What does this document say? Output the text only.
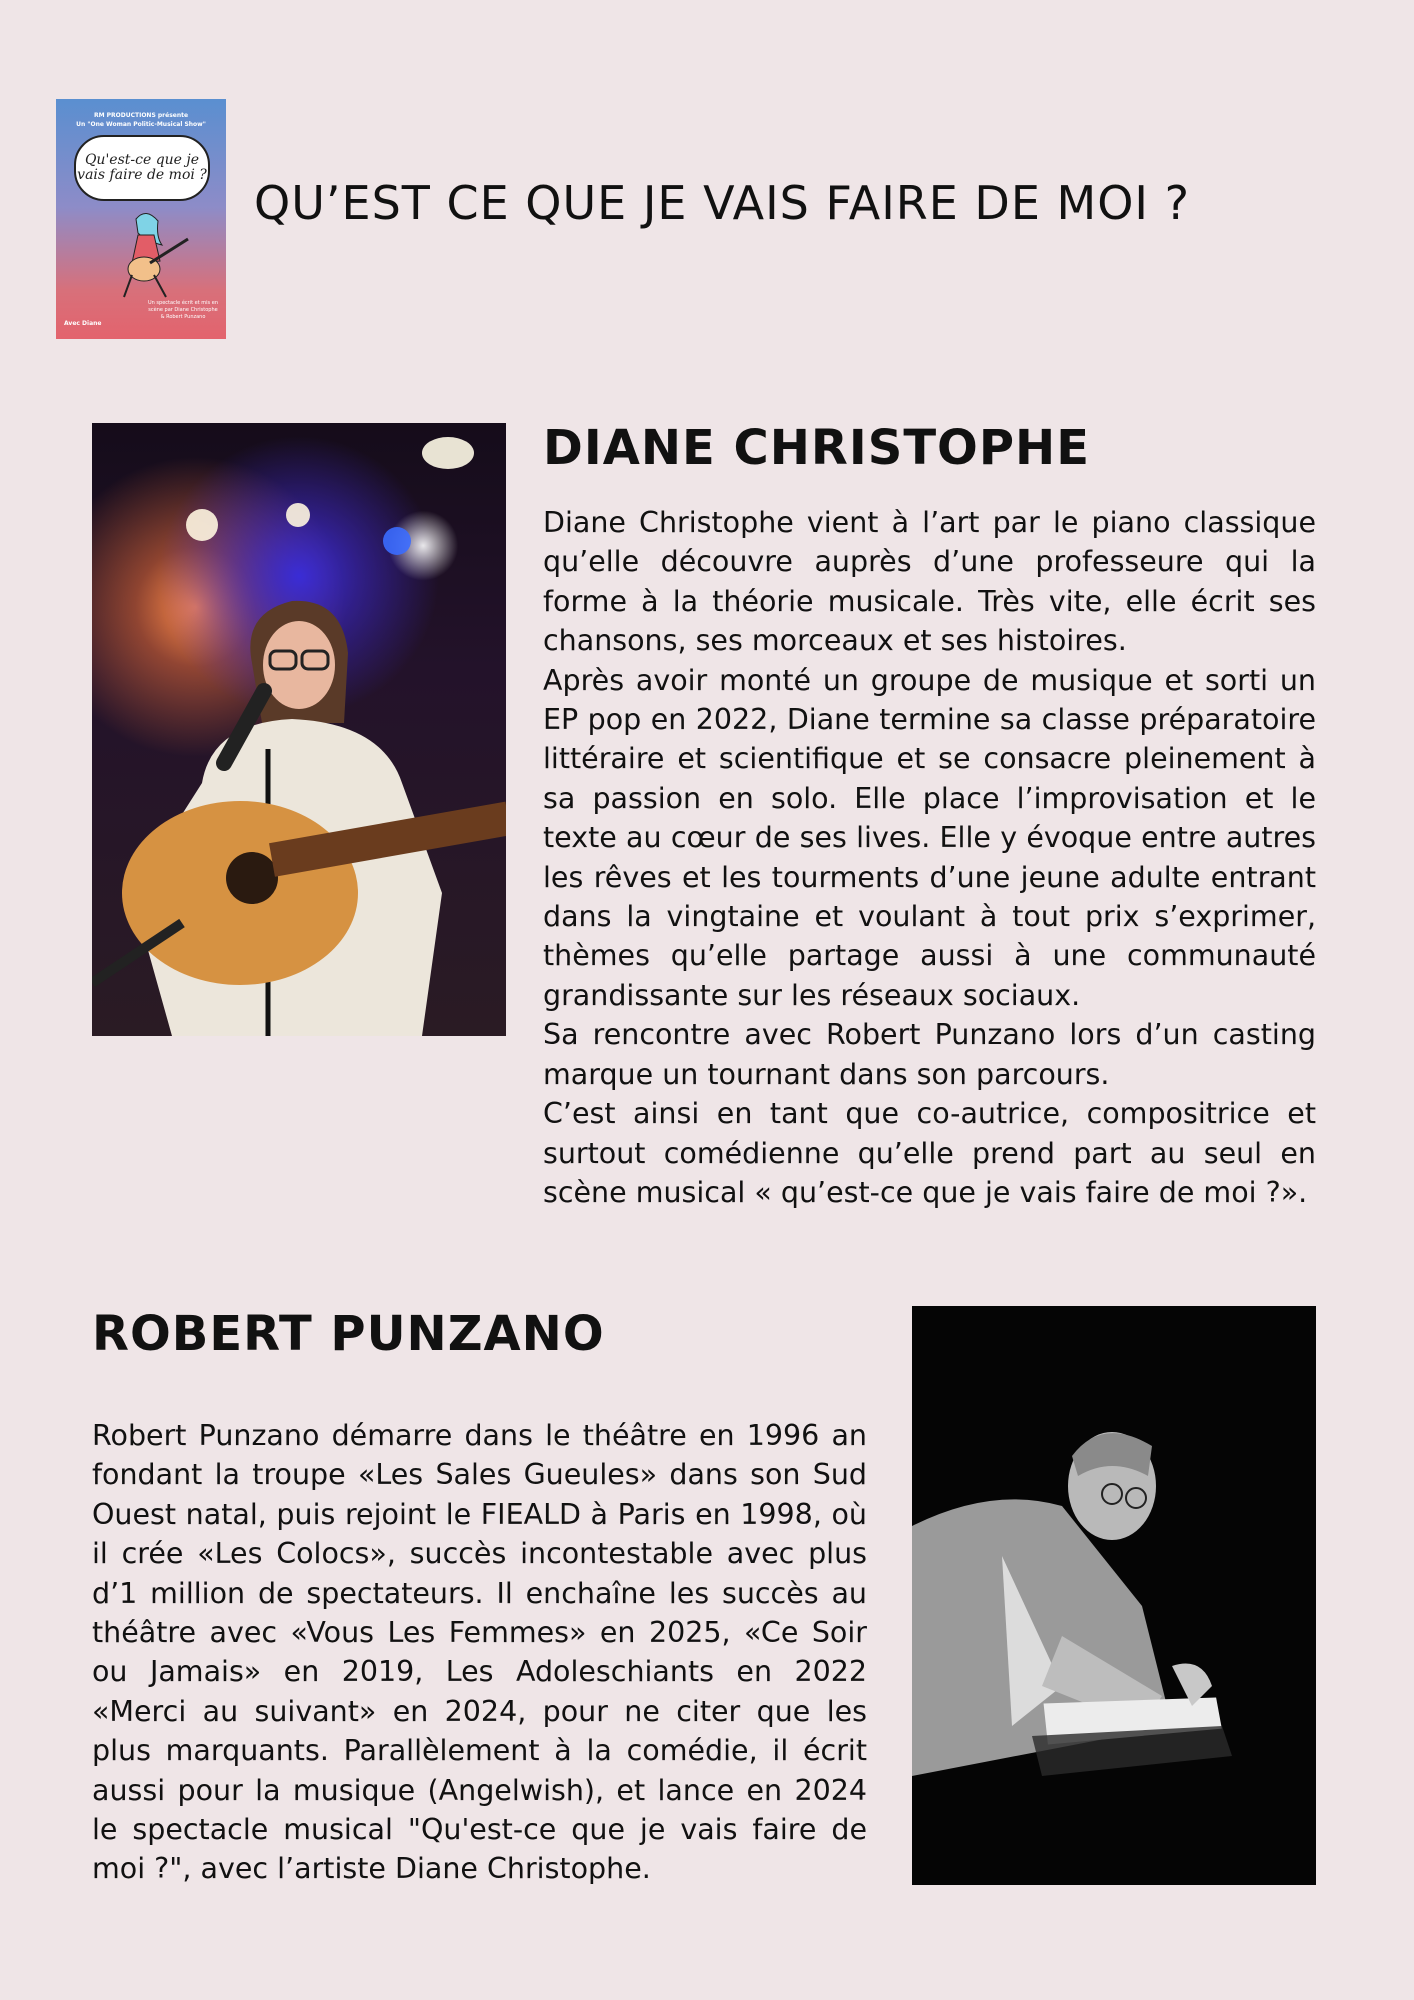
RM PRODUCTIONS présente
Un "One Woman Politic-Musical Show"
Qu'est-ce que je vais faire de moi ?
Avec Diane
Un spectacle écrit et mis en scène par Diane Christophe & Robert Punzano
QU’EST CE QUE JE VAIS FAIRE DE MOI ?
DIANE CHRISTOPHE

Diane Christophe vient à l’art par le piano classique qu’elle découvre auprès d’une professeure qui la forme à la théorie musicale. Très vite, elle écrit ses chansons, ses morceaux et ses histoires.

Après avoir monté un groupe de musique et sorti un EP pop en 2022, Diane termine sa classe préparatoire littéraire et scientifique et se consacre pleinement à sa passion en solo. Elle place l’improvisation et le texte au cœur de ses lives. Elle y évoque entre autres les rêves et les tourments d’une jeune adulte entrant dans la vingtaine et voulant à tout prix s’exprimer, thèmes qu’elle partage aussi à une communauté grandissante sur les réseaux sociaux.

Sa rencontre avec Robert Punzano lors d’un casting marque un tournant dans son parcours.

C’est ainsi en tant que co-autrice, compositrice et surtout comédienne qu’elle prend part au seul en scène musical « qu’est-ce que je vais faire de moi ?».

ROBERT PUNZANO

Robert Punzano démarre dans le théâtre en 1996 an fondant la troupe «Les Sales Gueules» dans son Sud Ouest natal, puis rejoint le FIEALD à Paris en 1998, où il crée «Les Colocs», succès incontestable avec plus d’1 million de spectateurs. Il enchaîne les succès au théâtre avec «Vous Les Femmes» en 2025, «Ce Soir ou Jamais» en 2019, Les Adoleschiants en 2022 «Merci au suivant» en 2024, pour ne citer que les plus marquants. Parallèlement à la comédie, il écrit aussi pour la musique (Angelwish), et lance en 2024 le spectacle musical "Qu'est-ce que je vais faire de moi ?", avec l’artiste Diane Christophe.
